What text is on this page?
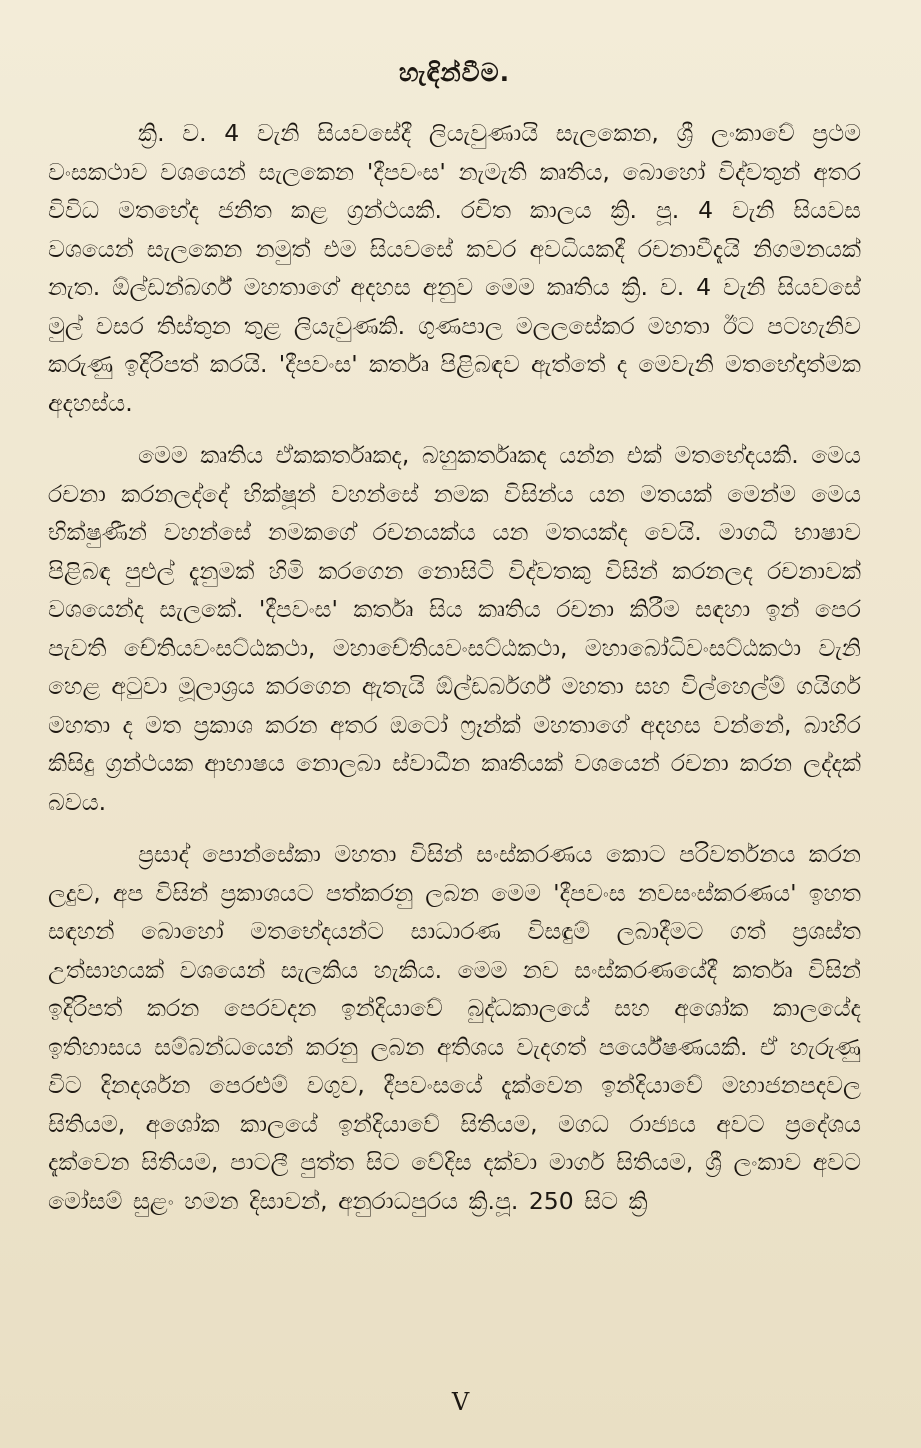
හැඳින්වීම.

ක්‍රි. ව. 4 වැනි සියවසේදී ලියැවුණායි සැලකෙන, ශ්‍රී ලංකාවේ ප්‍රථම වංසකථාව වශයෙන් සැලකෙන 'දීපවංස' නැමැති කෘතිය, බොහෝ විද්වතුන් අතර විවිධ මතභේද ජනිත කළ ග්‍රන්ථයකි. රචිත කාලය ක්‍රි. පූ. 4 වැනි සියවස වශයෙන් සැලකෙන නමුත් එම සියවසේ කවර අවධියකදී රචනාවීදැයි නිගමනයක් නැත. ඕල්ඩන්බර්ග් මහතාගේ අදහස අනුව මෙම කෘතිය ක්‍රි. ව. 4 වැනි සියවසේ මුල් වසර තිස්තුන තුළ ලියැවුණකි. ගුණපාල මලලසේකර මහතා ඊට පටහැනිව කරුණු ඉදිරිපත් කරයි. 'දීපවංස' කර්තෘ පිළිබඳව ඇත්තේ ද මෙවැනි මතභේදාත්මක අදහස්ය.

මෙම කෘතිය ඒකකර්තෘකද, බහුකර්තෘකද යන්න එක් මතභේදයකි. මෙය රචනා කරනලද්දේ භික්ෂූන් වහන්සේ නමක විසින්ය යන මතයක් මෙන්ම මෙය භික්ෂුණීන් වහන්සේ නමකගේ රචනයක්ය යන මතයක්ද වෙයි. මාගධී භාෂාව පිළිබඳ පුළුල් දැනුමක් හිමි කරගෙන නොසිටි විද්වතකු විසින් කරනලද රචනාවක් වශයෙන්ද සැලකේ. 'දීපවංස' කර්තෘ සිය කෘතිය රචනා කිරීම සඳහා ඉන් පෙර පැවති චේතියවංසට්ඨකථා, මහාචේතියවංසට්ඨකථා, මහාබෝධිවංසට්ඨකථා වැනි හෙළ අටුවා මූලාශ්‍රය කරගෙන ඇතැයි ඕල්ඩර්බර්ග් මහතා සහ විල්හෙල්ම් ගයිගර් මහතා ද මත ප්‍රකාශ කරන අතර ඔටෝ ෆ්‍රෑන්ක් මහතාගේ අදහස වන්නේ, බාහිර කිසිදු ග්‍රන්ථයක ආභාෂය නොලබා ස්වාධීන කෘතියක් වශයෙන් රචනා කරන ලද්දක් බවය.

ප්‍රසාද් පොන්සේකා මහතා විසින් සංස්කරණය කොට පරිවර්තනය කරන ලදුව, අප විසින් ප්‍රකාශයට පත්කරනු ලබන මෙම 'දීපවංස නවසංස්කරණය' ඉහත සඳහන් බොහෝ මතභේදයන්ට සාධාරණ විසඳුම් ලබාදීමට ගත් ප්‍රශස්ත උත්සාහයක් වශයෙන් සැලකිය හැකිය. මෙම නව සංස්කරණයේදී කර්තෘ විසින් ඉදිරිපත් කරන පෙරවදන ඉන්දියාවේ බුද්ධකාලයේ සහ අශෝක කාලයේද ඉතිහාසය සම්බන්ධයෙන් කරනු ලබන අතිශය වැදගත් පර්යේෂණයකි. ඒ හැරුණු විට දිනදර්ශන පෙරළුම් වගුව, දීපවංසයේ දැක්වෙන ඉන්දියාවේ මහාජනපදවල සිතියම, අශෝක කාලයේ ඉන්දියාවේ සිතියම, මගධ රාජ්‍යය අවට ප්‍රදේශය දැක්වෙන සිතියම, පාටලී පුත්ත සිට වේදිස දක්වා මාර්ග සිතියම, ශ්‍රී ලංකාව අවට මෝසම් සුළං හමන දිසාවන්, අනුරාධපුරය ක්‍රි.පූ. 250 සිට ක්‍රි

V
